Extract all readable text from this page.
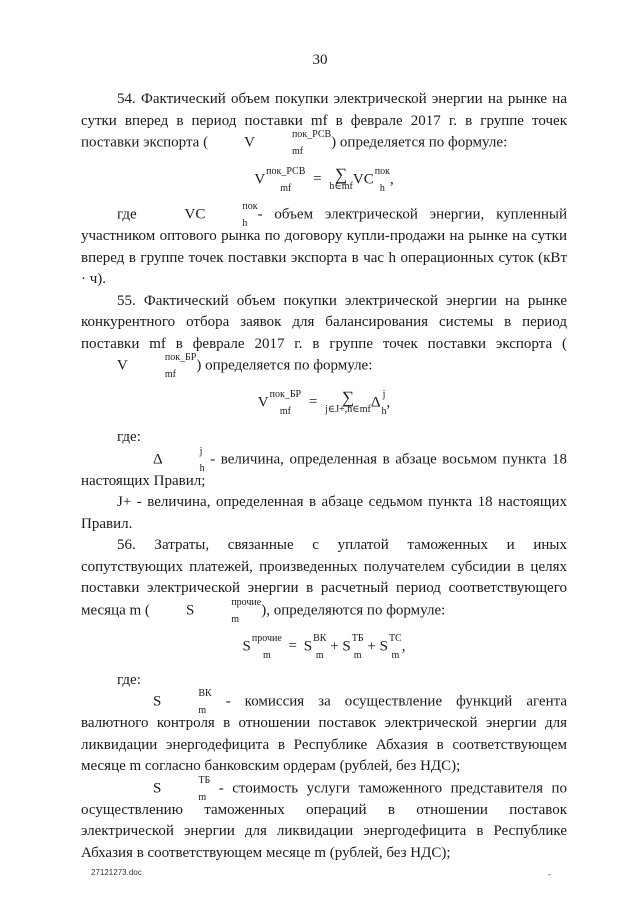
30

54. Фактический объем покупки электрической энергии на рынке на сутки вперед в период поставки mf в феврале 2017 г. в группе точек поставки экспорта ( V	пок_РСВ
mf
) определяется по формуле:

V пок_РСВ
mf
= ∑
h∈mf VC пок
h
,

где	VC	пок
h
- объем электрической энергии, купленный участником оптового рынка по договору купли-продажи на рынке на сутки вперед в группе точек поставки экспорта в час h операционных суток (кВт · ч).

55. Фактический объем покупки электрической энергии на рынке конкурентного отбора заявок для балансирования системы в период поставки mf в феврале 2017 г. в группе точек поставки экспорта (V	пок_БР
mf
) определяется по формуле:

V пок_БР
mf
= ∑
j∈J+,h∈mf Δ j
h
,

где:

Δ	j
h
- величина, определенная в абзаце восьмом пункта 18 настоящих Правил;

J+ - величина, определенная в абзаце седьмом пункта 18 настоящих Правил.

56. Затраты, связанные с уплатой таможенных и иных сопутствующих платежей, произведенных получателем субсидии в целях поставки электрической энергии в расчетный период соответствующего месяца m ( S	прочие
m
), определяются по формуле:

S прочие
m
= S ВК
m
+ S ТБ
m
+ S ТС
m
,

где:

S	ВК
m
- комиссия за осуществление функций агента валютного контроля в отношении поставок электрической энергии для ликвидации энергодефицита в Республике Абхазия в соответствующем месяце m согласно банковским ордерам (рублей, без НДС);

S	ТБ
m
- стоимость услуги таможенного представителя по осуществлению таможенных операций в отношении поставок электрической энергии для ликвидации энергодефицита в Республике Абхазия в соответствующем месяце m (рублей, без НДС);

27121273.doc	-
